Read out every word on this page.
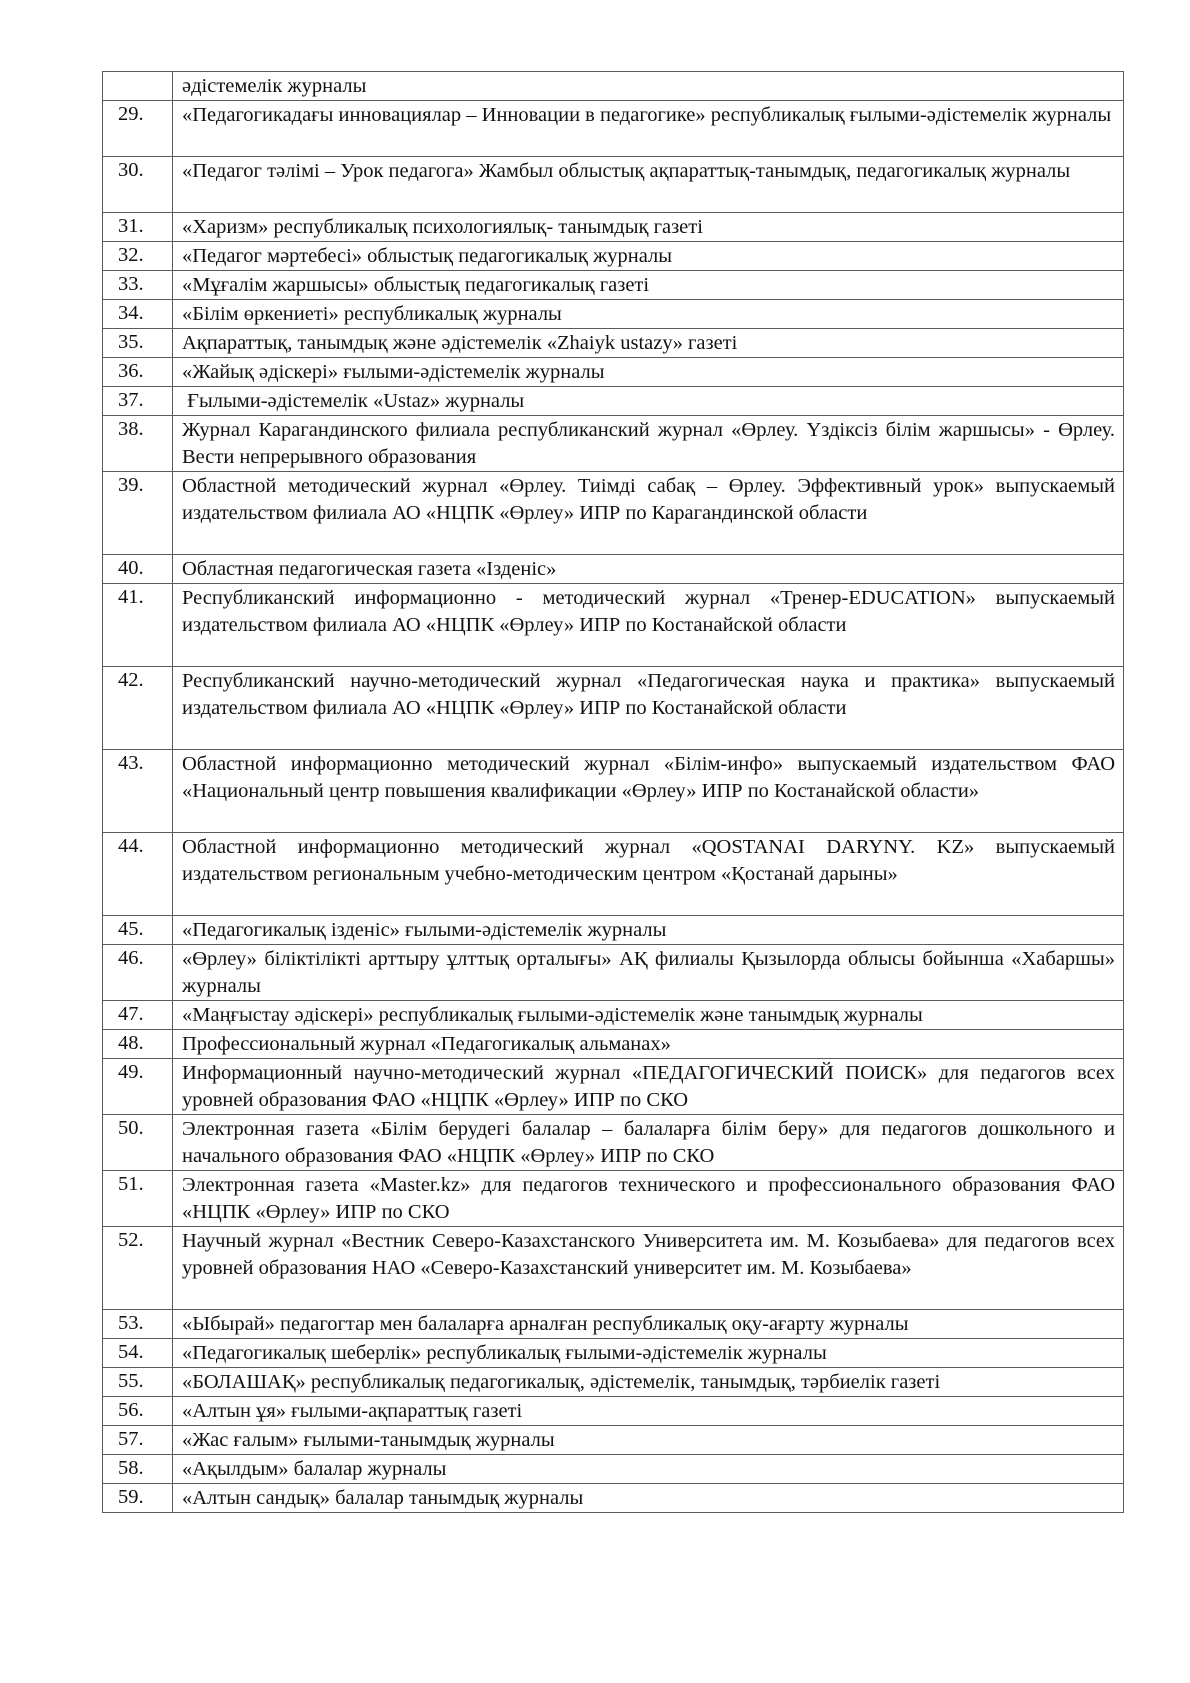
	әдістемелік журналы

29.	«Педагогикадағы инновациялар – Инновации в педагогике» республикалық ғылыми-әдістемелік журналы

30.	«Педагог тәлімі – Урок педагога» Жамбыл облыстық ақпараттық-танымдық, педагогикалық журналы

31.	«Харизм» республикалық психологиялық- танымдық газеті

32.	«Педагог мәртебесі» облыстық педагогикалық журналы

33.	«Мұғалім жаршысы» облыстық педагогикалық газеті

34.	«Білім өркениеті» республикалық журналы

35.	Ақпараттық, танымдық және әдістемелік «Zhaiyk ustazy» газеті

36.	«Жайық әдіскері» ғылыми-әдістемелік журналы

37.	Ғылыми-әдістемелік «Ustaz» журналы

38.	Журнал Карагандинского филиала республиканский журнал «Өрлеу. Үздіксіз білім жаршысы» - Өрлеу. Вести непрерывного образования

39.	Областной методический журнал «Өрлеу. Тиімді сабақ – Өрлеу. Эффективный урок» выпускаемый издательством филиала АО «НЦПК «Өрлеу» ИПР по Карагандинской области

40.	Областная педагогическая газета «Ізденіс»

41.	Республиканский информационно - методический журнал «Тренер-EDUCATION» выпускаемый издательством филиала АО «НЦПК «Өрлеу» ИПР по Костанайской области

42.	Республиканский научно-методический журнал «Педагогическая наука и практика» выпускаемый издательством филиала АО «НЦПК «Өрлеу» ИПР по Костанайской области

43.	Областной информационно методический журнал «Білім-инфо» выпускаемый издательством ФАО «Национальный центр повышения квалификации «Өрлеу» ИПР по Костанайской области»

44.	Областной информационно методический журнал «QOSTANAI DARYNY. KZ» выпускаемый издательством региональным учебно-методическим центром «Қостанай дарыны»

45.	«Педагогикалық ізденіс» ғылыми-әдістемелік журналы

46.	«Өрлеу» біліктілікті арттыру ұлттық орталығы» АҚ филиалы Қызылорда облысы бойынша «Хабаршы» журналы

47.	«Маңғыстау әдіскері» республикалық ғылыми-әдістемелік және танымдық журналы

48.	Профессиональный журнал «Педагогикалық альманах»

49.	Информационный научно-методический журнал «ПЕДАГОГИЧЕСКИЙ ПОИСК» для педагогов всех уровней образования ФАО «НЦПК «Өрлеу» ИПР по СКО

50.	Электронная газета «Білім берудегі балалар – балаларға білім беру» для педагогов дошкольного и начального образования ФАО «НЦПК «Өрлеу» ИПР по СКО

51.	Электронная газета «Master.kz» для педагогов технического и профессионального образования ФАО «НЦПК «Өрлеу» ИПР по СКО

52.	Научный журнал «Вестник Северо-Казахстанского Университета им. М. Козыбаева» для педагогов всех уровней образования НАО «Северо-Казахстанский университет им. М. Козыбаева»

53.	«Ыбырай» педагогтар мен балаларға арналған республикалық оқу-ағарту журналы

54.	«Педагогикалық шеберлік» республикалық ғылыми-әдістемелік журналы

55.	«БОЛАШАҚ» республикалық педагогикалық, әдістемелік, танымдық, тәрбиелік газеті

56.	«Алтын ұя» ғылыми-ақпараттық газеті

57.	«Жас ғалым» ғылыми-танымдық журналы

58.	«Ақылдым» балалар журналы

59.	«Алтын сандық» балалар танымдық журналы
